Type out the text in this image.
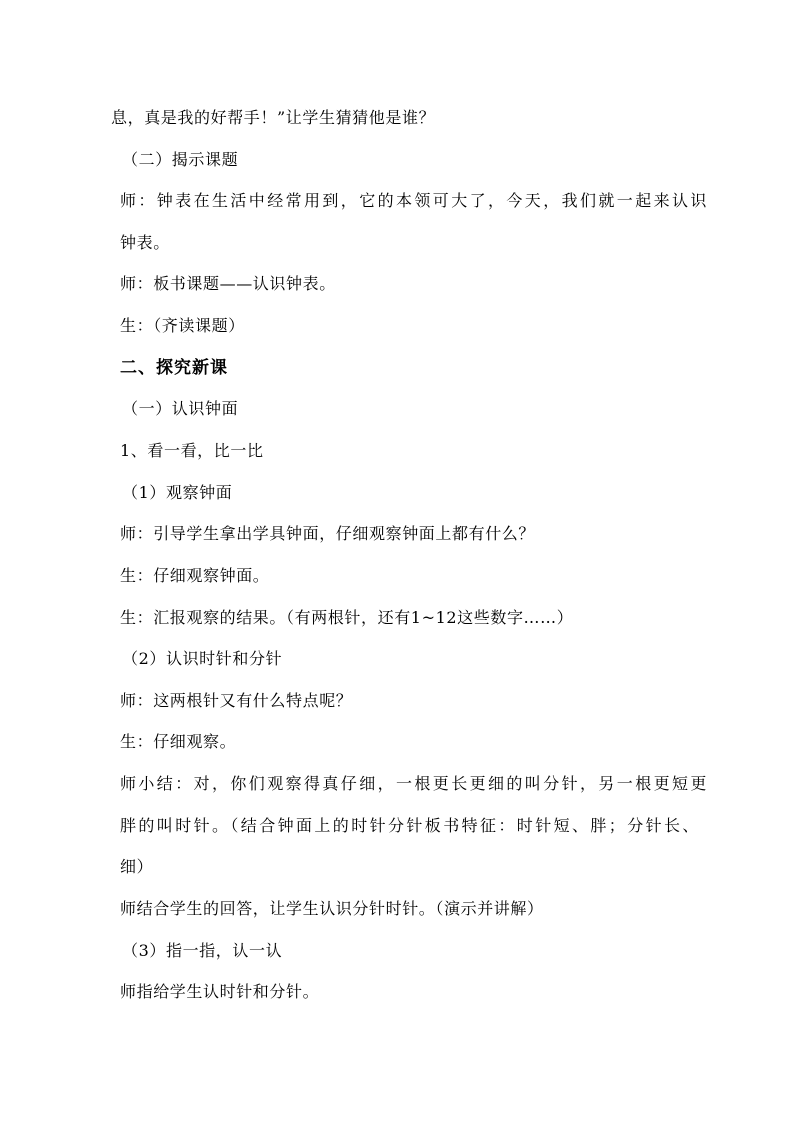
息，真是我的好帮手！”让学生猜猜他是谁？
（二）揭示课题
师：钟表在生活中经常用到，它的本领可大了，今天，我们就一起来认识
钟表。
师：板书课题——认识钟表。
生：（齐读课题）
二、探究新课
（一）认识钟面
1、看一看，比一比
（1）观察钟面
师：引导学生拿出学具钟面，仔细观察钟面上都有什么？
生：仔细观察钟面。
生：汇报观察的结果。（有两根针，还有1~12这些数字……）
（2）认识时针和分针
师：这两根针又有什么特点呢？
生：仔细观察。
师小结：对，你们观察得真仔细，一根更长更细的叫分针，另一根更短更
胖的叫时针。（结合钟面上的时针分针板书特征：时针短、胖；分针长、
细）
师结合学生的回答，让学生认识分针时针。（演示并讲解）
（3）指一指，认一认
师指给学生认时针和分针。
